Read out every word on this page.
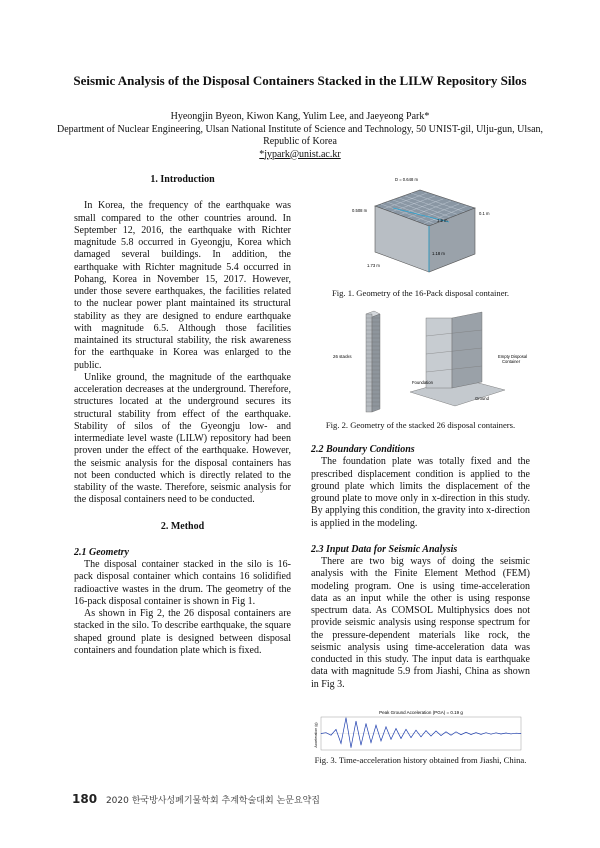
Seismic Analysis of the Disposal Containers Stacked in the LILW Repository Silos
Hyeongjin Byeon, Kiwon Kang, Yulim Lee, and Jaeyeong Park*
Department of Nuclear Engineering, Ulsan National Institute of Science and Technology, 50 UNIST-gil, Ulju-gun, Ulsan, Republic of Korea
*jypark@unist.ac.kr
1. Introduction

In Korea, the frequency of the earthquake was small compared to the other countries around. In September 12, 2016, the earthquake with Richter magnitude 5.8 occurred in Gyeongju, Korea which damaged several buildings. In addition, the earthquake with Richter magnitude 5.4 occurred in Pohang, Korea in November 15, 2017. However, under those severe earthquakes, the facilities related to the nuclear power plant maintained its structural stability as they are designed to endure earthquake with magnitude 6.5. Although those facilities maintained its structural stability, the risk awareness for the earthquake in Korea was enlarged to the public.

Unlike ground, the magnitude of the earthquake acceleration decreases at the underground. Therefore, structures located at the underground secures its structural stability from effect of the earthquake. Stability of silos of the Gyeongju low- and intermediate level waste (LILW) repository had been proven under the effect of the earthquake. However, the seismic analysis for the disposal containers has not been conducted which is directly related to the stability of the waste. Therefore, seismic analysis for the disposal containers need to be conducted.

2. Method
2.1 Geometry

The disposal container stacked in the silo is 16-pack disposal container which contains 16 solidified radioactive wastes in the drum. The geometry of the 16-pack disposal container is shown in Fig 1.

As shown in Fig 2, the 26 disposal containers are stacked in the silo. To describe earthquake, the square shaped ground plate is designed between disposal containers and foundation plate which is fixed.

D = 0.648 m
0.508 m
1.9 m
0.1 m
1.18 m
1.73 m
Fig. 1. Geometry of the 16-Pack disposal container.
26 stacks	Empty Disposal
Container
Foundation
Ground
Fig. 2. Geometry of the stacked 26 disposal containers.
2.2 Boundary Conditions

The foundation plate was totally fixed and the prescribed displacement condition is applied to the ground plate which limits the displacement of the ground plate to move only in x-direction in this study. By applying this condition, the gravity into x-direction is applied in the modeling.

2.3 Input Data for Seismic Analysis

There are two big ways of doing the seismic analysis with the Finite Element Method (FEM) modeling program. One is using time-acceleration data as an input while the other is using response spectrum data. As COMSOL Multiphysics does not provide seismic analysis using response spectrum for the pressure-dependent materials like rock, the seismic analysis using time-acceleration data was conducted in this study. The input data is earthquake data with magnitude 5.9 from Jiashi, China as shown in Fig 3.

Peak Ground Acceleration (PGA) = 0.19 g
Acceleration (g)
Fig. 3. Time-acceleration history obtained from Jiashi, China.
180 2020 한국방사성폐기물학회 추계학술대회 논문요약집
